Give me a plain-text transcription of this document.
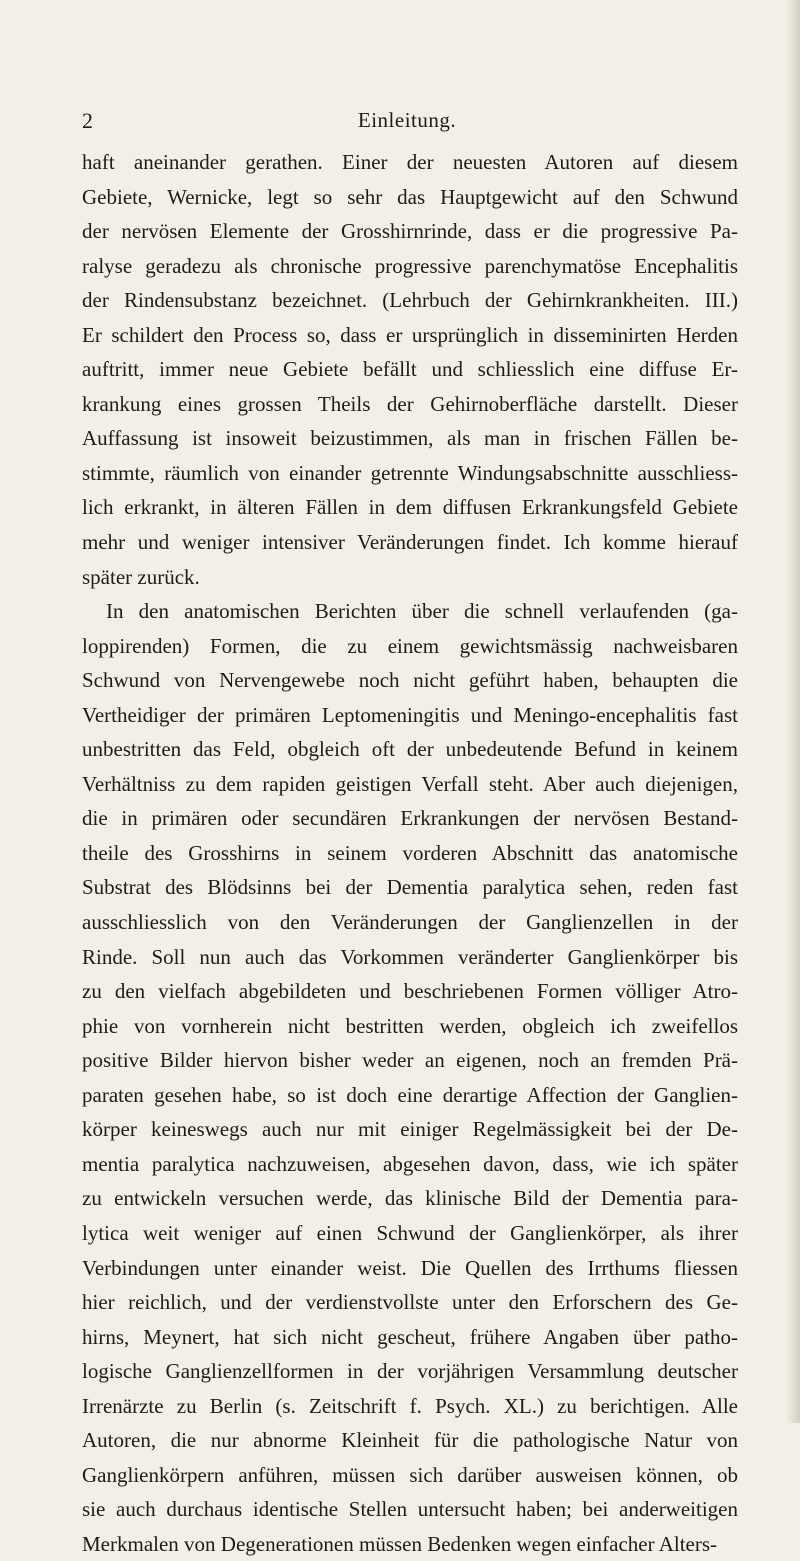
2	Einleitung.
haft aneinander gerathen. Einer der neuesten Autoren auf diesem
Gebiete, Wernicke, legt so sehr das Hauptgewicht auf den Schwund
der nervösen Elemente der Grosshirnrinde, dass er die progressive Pa-
ralyse geradezu als chronische progressive parenchymatöse Encephalitis
der Rindensubstanz bezeichnet. (Lehrbuch der Gehirnkrankheiten. III.)
Er schildert den Process so, dass er ursprünglich in disseminirten Herden
auftritt, immer neue Gebiete befällt und schliesslich eine diffuse Er-
krankung eines grossen Theils der Gehirnoberfläche darstellt. Dieser
Auffassung ist insoweit beizustimmen, als man in frischen Fällen be-
stimmte, räumlich von einander getrennte Windungsabschnitte ausschliess-
lich erkrankt, in älteren Fällen in dem diffusen Erkrankungsfeld Gebiete
mehr und weniger intensiver Veränderungen findet. Ich komme hierauf
später zurück.
In den anatomischen Berichten über die schnell verlaufenden (ga-
loppirenden) Formen, die zu einem gewichtsmässig nachweisbaren
Schwund von Nervengewebe noch nicht geführt haben, behaupten die
Vertheidiger der primären Leptomeningitis und Meningo-encephalitis fast
unbestritten das Feld, obgleich oft der unbedeutende Befund in keinem
Verhältniss zu dem rapiden geistigen Verfall steht. Aber auch diejenigen,
die in primären oder secundären Erkrankungen der nervösen Bestand-
theile des Grosshirns in seinem vorderen Abschnitt das anatomische
Substrat des Blödsinns bei der Dementia paralytica sehen, reden fast
ausschliesslich von den Veränderungen der Ganglienzellen in der
Rinde. Soll nun auch das Vorkommen veränderter Ganglienkörper bis
zu den vielfach abgebildeten und beschriebenen Formen völliger Atro-
phie von vornherein nicht bestritten werden, obgleich ich zweifellos
positive Bilder hiervon bisher weder an eigenen, noch an fremden Prä-
paraten gesehen habe, so ist doch eine derartige Affection der Ganglien-
körper keineswegs auch nur mit einiger Regelmässigkeit bei der De-
mentia paralytica nachzuweisen, abgesehen davon, dass, wie ich später
zu entwickeln versuchen werde, das klinische Bild der Dementia para-
lytica weit weniger auf einen Schwund der Ganglienkörper, als ihrer
Verbindungen unter einander weist. Die Quellen des Irrthums fliessen
hier reichlich, und der verdienstvollste unter den Erforschern des Ge-
hirns, Meynert, hat sich nicht gescheut, frühere Angaben über patho-
logische Ganglienzellformen in der vorjährigen Versammlung deutscher
Irrenärzte zu Berlin (s. Zeitschrift f. Psych. XL.) zu berichtigen. Alle
Autoren, die nur abnorme Kleinheit für die pathologische Natur von
Ganglienkörpern anführen, müssen sich darüber ausweisen können, ob
sie auch durchaus identische Stellen untersucht haben; bei anderweitigen
Merkmalen von Degenerationen müssen Bedenken wegen einfacher Alters-
